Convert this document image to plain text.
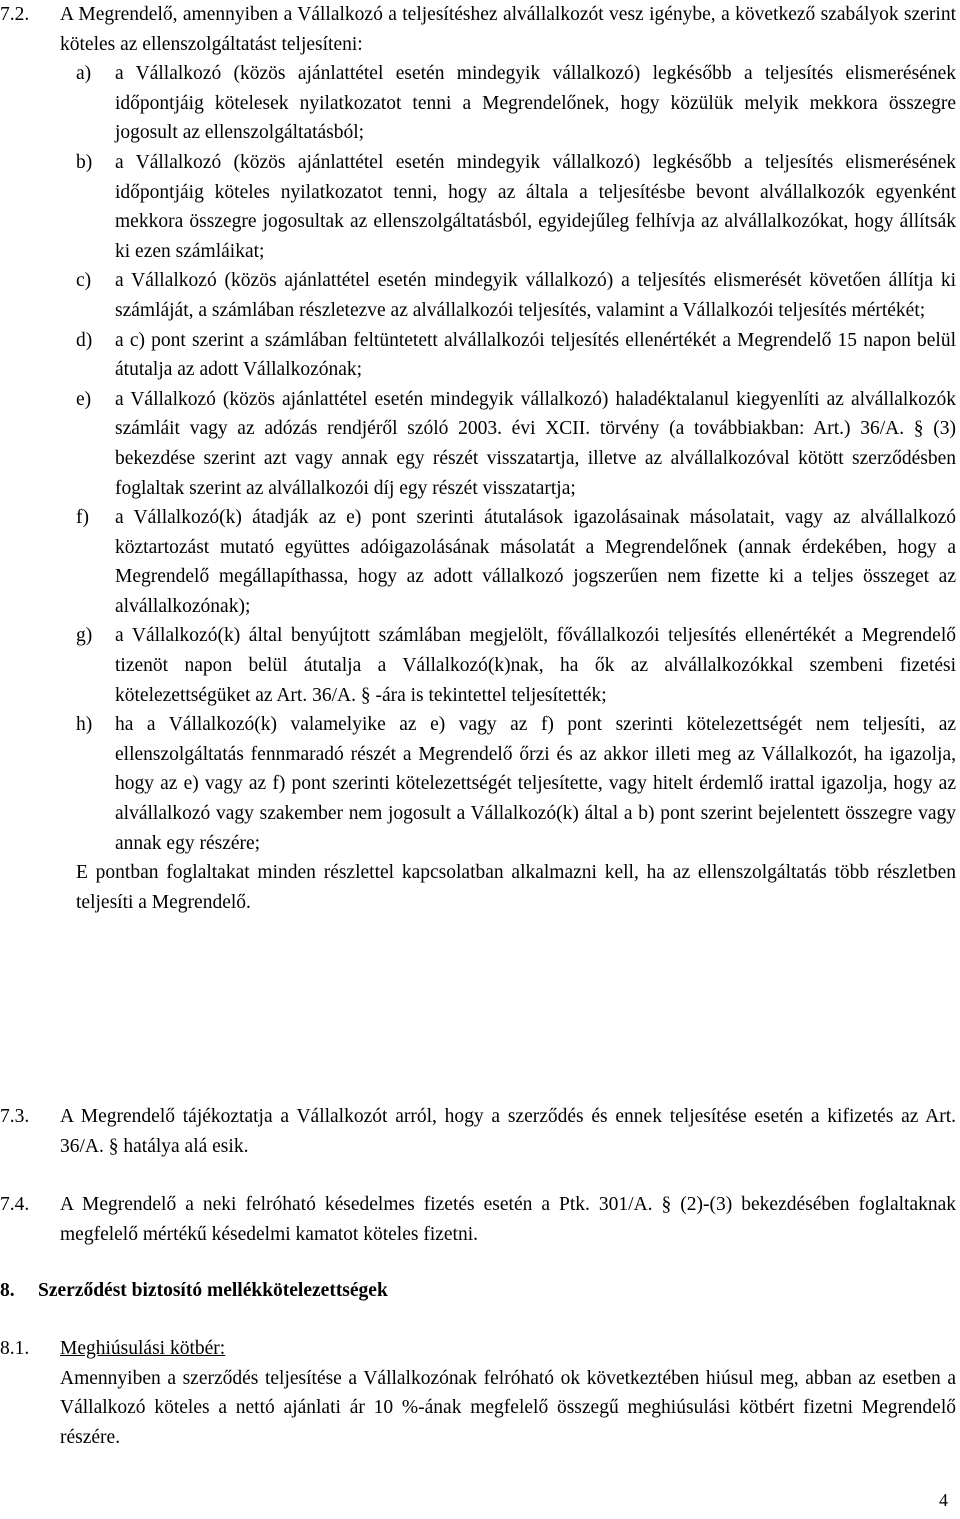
7.2. A Megrendelő, amennyiben a Vállalkozó a teljesítéshez alvállalkozót vesz igénybe, a következő szabályok szerint köteles az ellenszolgáltatást teljesíteni:
a) a Vállalkozó (közös ajánlattétel esetén mindegyik vállalkozó) legkésőbb a teljesítés elismerésének időpontjáig kötelesek nyilatkozatot tenni a Megrendelőnek, hogy közülük melyik mekkora összegre jogosult az ellenszolgáltatásból;
b) a Vállalkozó (közös ajánlattétel esetén mindegyik vállalkozó) legkésőbb a teljesítés elismerésének időpontjáig köteles nyilatkozatot tenni, hogy az általa a teljesítésbe bevont alvállalkozók egyenként mekkora összegre jogosultak az ellenszolgáltatásból, egyidejűleg felhívja az alvállalkozókat, hogy állítsák ki ezen számláikat;
c) a Vállalkozó (közös ajánlattétel esetén mindegyik vállalkozó) a teljesítés elismerését követően állítja ki számláját, a számlában részletezve az alvállalkozói teljesítés, valamint a Vállalkozói teljesítés mértékét;
d) a c) pont szerint a számlában feltüntetett alvállalkozói teljesítés ellenértékét a Megrendelő 15 napon belül átutalja az adott Vállalkozónak;
e) a Vállalkozó (közös ajánlattétel esetén mindegyik vállalkozó) haladéktalanul kiegyenlíti az alvállalkozók számláit vagy az adózás rendjéről szóló 2003. évi XCII. törvény (a továbbiakban: Art.) 36/A. § (3) bekezdése szerint azt vagy annak egy részét visszatartja, illetve az alvállalkozóval kötött szerződésben foglaltak szerint az alvállalkozói díj egy részét visszatartja;
f) a Vállalkozó(k) átadják az e) pont szerinti átutalások igazolásainak másolatait, vagy az alvállalkozó köztartozást mutató együttes adóigazolásának másolatát a Megrendelőnek (annak érdekében, hogy a Megrendelő megállapíthassa, hogy az adott vállalkozó jogszerűen nem fizette ki a teljes összeget az alvállalkozónak);
g) a Vállalkozó(k) által benyújtott számlában megjelölt, fővállalkozói teljesítés ellenértékét a Megrendelő tizenöt napon belül átutalja a Vállalkozó(k)nak, ha ők az alvállalkozókkal szembeni fizetési kötelezettségüket az Art. 36/A. § -ára is tekintettel teljesítették;
h) ha a Vállalkozó(k) valamelyike az e) vagy az f) pont szerinti kötelezettségét nem teljesíti, az ellenszolgáltatás fennmaradó részét a Megrendelő őrzi és az akkor illeti meg az Vállalkozót, ha igazolja, hogy az e) vagy az f) pont szerinti kötelezettségét teljesítette, vagy hitelt érdemlő irattal igazolja, hogy az alvállalkozó vagy szakember nem jogosult a Vállalkozó(k) által a b) pont szerint bejelentett összegre vagy annak egy részére;
E pontban foglaltakat minden részlettel kapcsolatban alkalmazni kell, ha az ellenszolgáltatás több részletben teljesíti a Megrendelő.
7.3. A Megrendelő tájékoztatja a Vállalkozót arról, hogy a szerződés és ennek teljesítése esetén a kifizetés az Art. 36/A. § hatálya alá esik.
7.4. A Megrendelő a neki felróható késedelmes fizetés esetén a Ptk. 301/A. § (2)-(3) bekezdésében foglaltaknak megfelelő mértékű késedelmi kamatot köteles fizetni.
8. Szerződést biztosító mellékkötelezettségek
8.1. Meghiúsulási kötbér:
Amennyiben a szerződés teljesítése a Vállalkozónak felróható ok következtében hiúsul meg, abban az esetben a Vállalkozó köteles a nettó ajánlati ár 10 %-ának megfelelő összegű meghiúsulási kötbért fizetni Megrendelő részére.
4
